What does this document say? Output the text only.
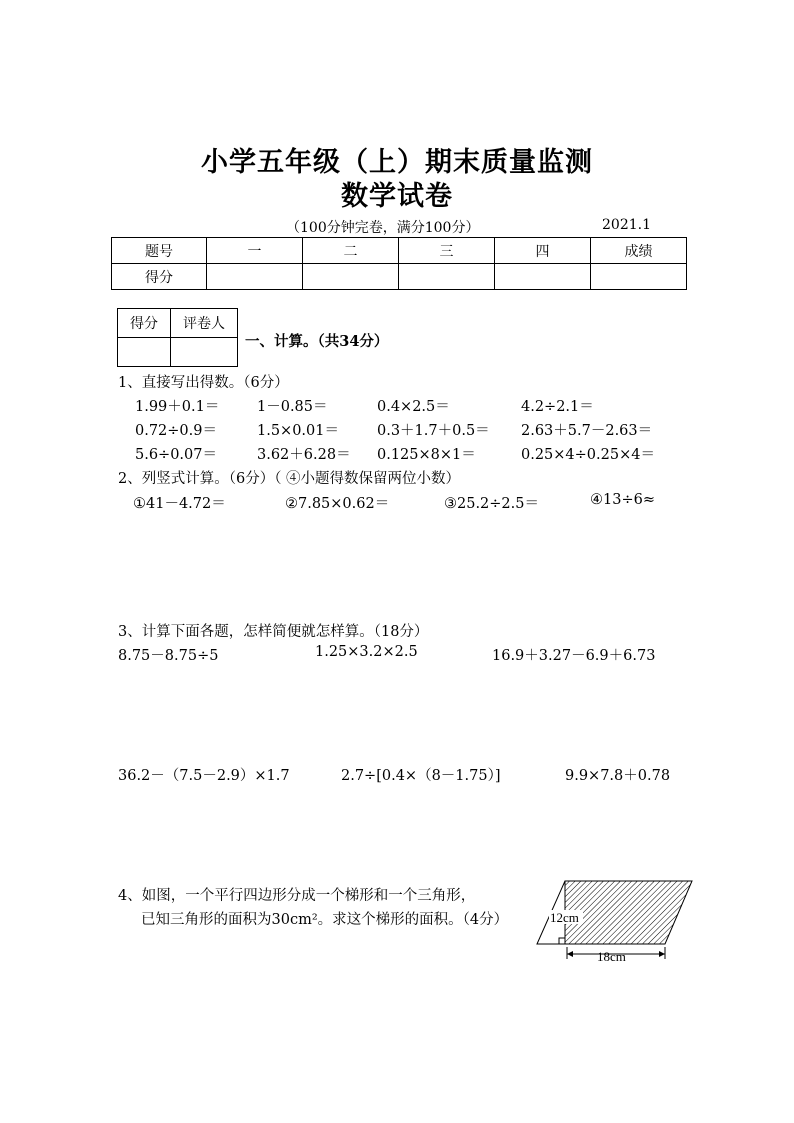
小学五年级（上）期末质量监测
数学试卷
（100分钟完卷，满分100分）	2021.1
题号	一	二	三	四	成绩
得分					
得分	评卷人

一、计算。（共34分）
1、直接写出得数。（6分）
1.99＋0.1＝	1－0.85＝	0.4×2.5＝	4.2÷2.1＝
0.72÷0.9＝	1.5×0.01＝	0.3＋1.7＋0.5＝ 2.63＋5.7－2.63＝
5.6÷0.07＝	3.62＋6.28＝ 0.125×8×1＝	0.25×4÷0.25×4＝
2、列竖式计算。（6分）（ ④小题得数保留两位小数）
①41－4.72＝	②7.85×0.62＝	③25.2÷2.5＝	④13÷6≈
3、计算下面各题，怎样简便就怎样算。（18分）
8.75－8.75÷5	1.25×3.2×2.5	16.9＋3.27－6.9＋6.73
36.2－（7.5－2.9）×1.7	2.7÷[0.4×（8－1.75）]	9.9×7.8＋0.78
4、如图，一个平行四边形分成一个梯形和一个三角形，
已知三角形的面积为30cm²。求这个梯形的面积。（4分）	12cm
18cm
